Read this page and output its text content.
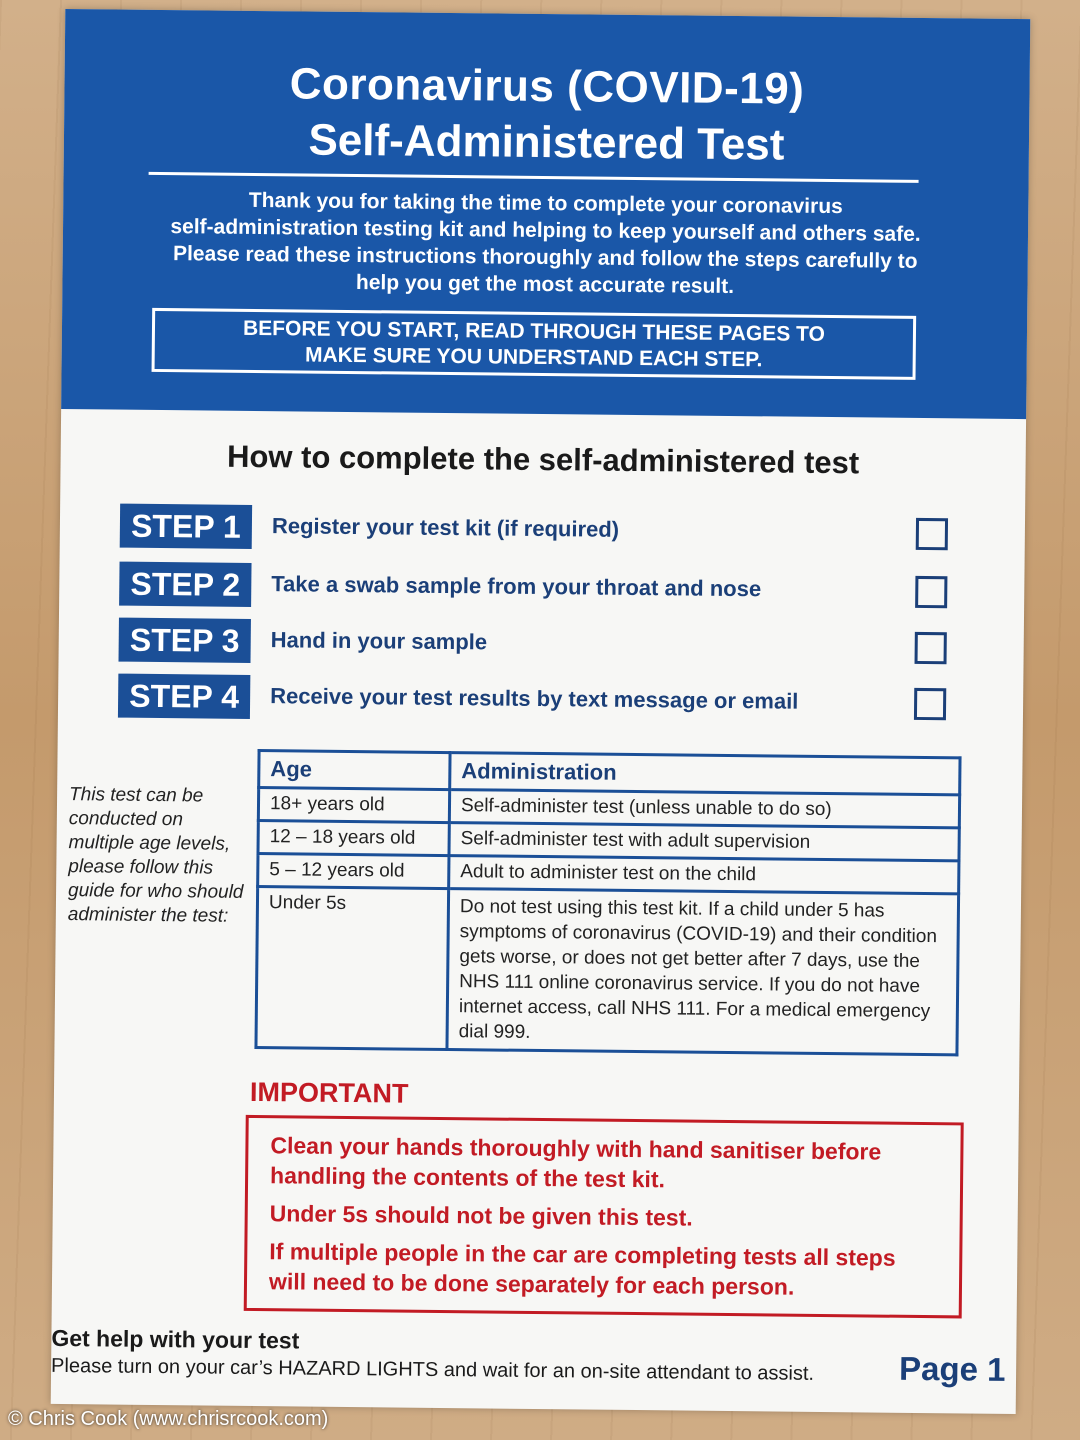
Coronavirus (COVID-19)
Self-Administered Test
Thank you for taking the time to complete your coronavirus
self-administration testing kit and helping to keep yourself and others safe.
Please read these instructions thoroughly and follow the steps carefully to
help you get the most accurate result.
BEFORE YOU START, READ THROUGH THESE PAGES TO
MAKE SURE YOU UNDERSTAND EACH STEP.
How to complete the self-administered test
STEP 1	Register your test kit (if required)
STEP 2	Take a swab sample from your throat and nose
STEP 3	Hand in your sample
STEP 4	Receive your test results by text message or email
This test can be conducted on multiple age levels, please follow this guide for who should administer the test:
Age	Administration
18+ years old	Self-administer test (unless unable to do so)
12 – 18 years old	Self-administer test with adult supervision
5 – 12 years old	Adult to administer test on the child
Under 5s	Do not test using this test kit. If a child under 5 has symptoms of coronavirus (COVID-19) and their condition gets worse, or does not get better after 7 days, use the NHS 111 online coronavirus service. If you do not have internet access, call NHS 111. For a medical emergency dial 999.
IMPORTANT

Clean your hands thoroughly with hand sanitiser before handling the contents of the test kit.

Under 5s should not be given this test.

If multiple people in the car are completing tests all steps will need to be done separately for each person.

Get help with your test
Please turn on your car’s HAZARD LIGHTS and wait for an on-site attendant to assist.	Page 1
© Chris Cook (www.chrisrcook.com)
